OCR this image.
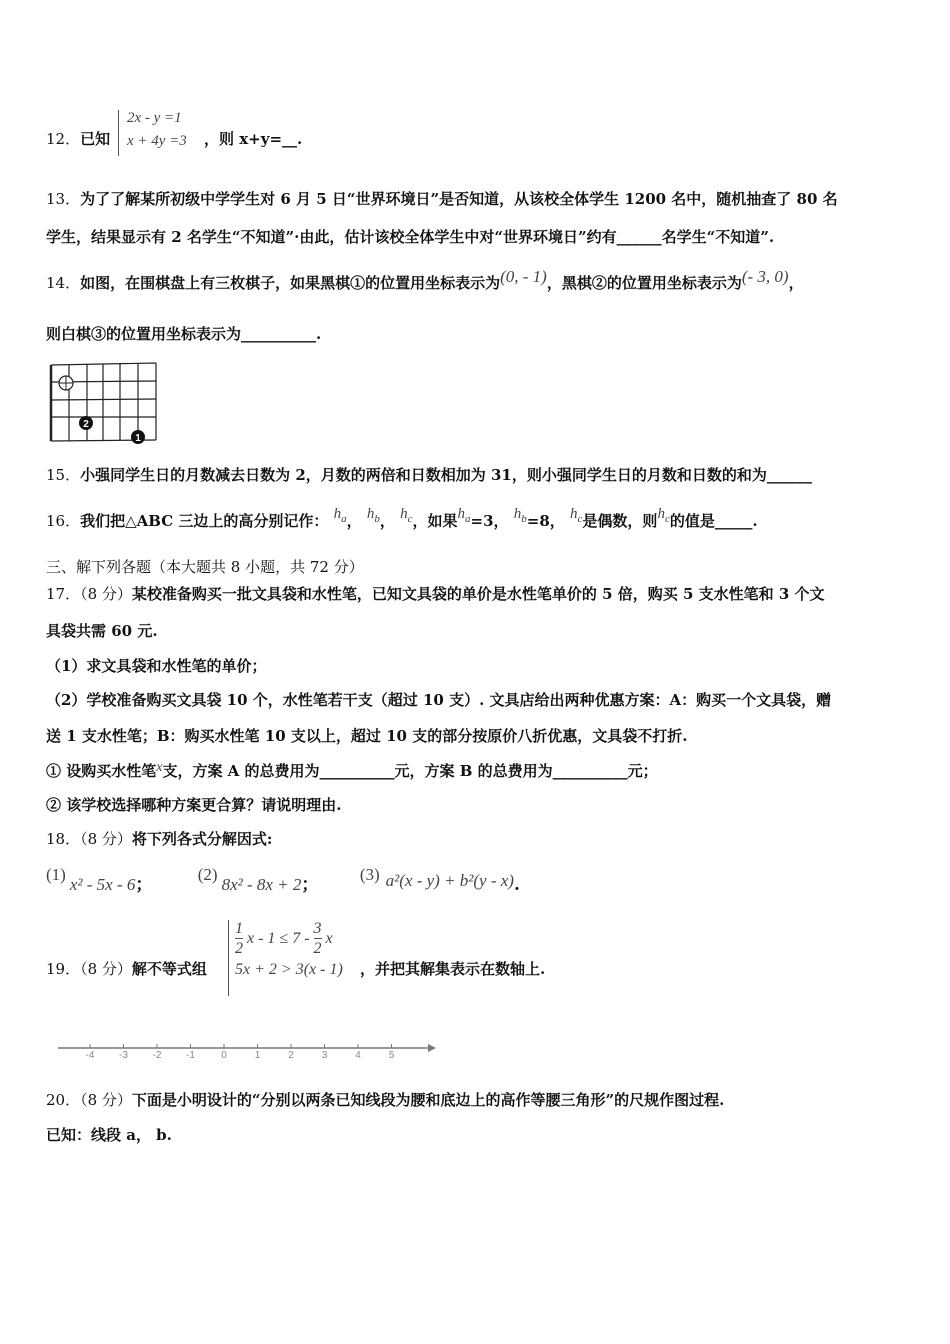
12．已知
2x - y =1
x + 4y =3 ，则 x+y=__.
13．为了了解某所初级中学学生对 6 月 5 日“世界环境日”是否知道，从该校全体学生 1200 名中，随机抽查了 80 名
学生，结果显示有 2 名学生“不知道”·由此，估计该校全体学生中对“世界环境日”约有______名学生“不知道”.
14．如图，在围棋盘上有三枚棋子，如果黑棋①的位置用坐标表示为(0, - 1)，黑棋②的位置用坐标表示为(- 3, 0)，
则白棋③的位置用坐标表示为__________.
2
1
15．小强同学生日的月数减去日数为 2，月数的两倍和日数相加为 31，则小强同学生日的月数和日数的和为______
16．我们把△ABC 三边上的高分别记作： $h_a$， $h_b$， $h_c$，如果$h_a=3$， $h_b=8$， $h_c$是偶数，则$h_c$的值是_____.
三、解下列各题（本大题共 8 小题，共 72 分）
17．（8 分）某校准备购买一批文具袋和水性笔，已知文具袋的单价是水性笔单价的 5 倍，购买 5 支水性笔和 3 个文
具袋共需 60 元.
（1）求文具袋和水性笔的单价；
（2）学校准备购买文具袋 10 个，水性笔若干支（超过 10 支）. 文具店给出两种优惠方案：A：购买一个文具袋，赠
送 1 支水性笔；B：购买水性笔 10 支以上，超过 10 支的部分按原价八折优惠，文具袋不打折.
① 设购买水性笔x支，方案 A 的总费用为__________元，方案 B 的总费用为__________元；
② 该学校选择哪种方案更合算？请说明理由.
18．（8 分）将下列各式分解因式:
(1)x² - 5x - 6； (2)8x² - 8x + 2； (3) a²(x - y) + b²(y - x).
19．（8 分）解不等式组
1
2
x - 1 ≤ 7 -
3
2
x
5x + 2 > 3(x - 1) ，并把其解集表示在数轴上.
-4 -3 -2 -1	0	1	2	3	4	5
20．（8 分）下面是小明设计的“分别以两条已知线段为腰和底边上的高作等腰三角形”的尺规作图过程.
已知：线段 a， b.
